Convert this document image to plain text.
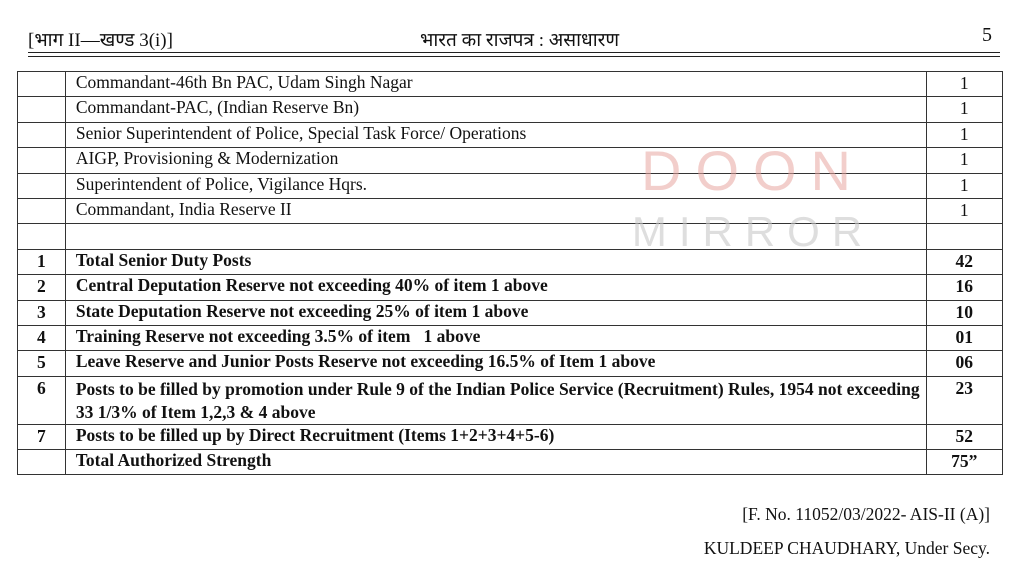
[भाग II—खण्ड 3(i)]	भारत का राजपत्र : असाधारण	5
	Commandant-46th Bn PAC, Udam Singh Nagar	1
	Commandant-PAC, (Indian Reserve Bn)	1
	Senior Superintendent of Police, Special Task Force/ Operations	1
	AIGP, Provisioning & Modernization	1
	Superintendent of Police, Vigilance Hqrs.	1
	Commandant, India Reserve II	1

1	Total Senior Duty Posts	42
2	Central Deputation Reserve not exceeding 40% of item 1 above	16
3	State Deputation Reserve not exceeding 25% of item 1 above	10
4	Training Reserve not exceeding 3.5% of item   1 above	01
5	Leave Reserve and Junior Posts Reserve not exceeding 16.5% of Item 1 above	06
6	Posts to be filled by promotion under Rule 9 of the Indian Police Service (Recruitment) Rules, 1954 not exceeding 33 1/3% of Item 1,2,3 & 4 above	23
7	Posts to be filled up by Direct Recruitment (Items 1+2+3+4+5-6)	52
	Total Authorized Strength	75”
DOON
MIRROR
[F. No. 11052/03/2022- AIS-II (A)]
KULDEEP CHAUDHARY, Under Secy.
